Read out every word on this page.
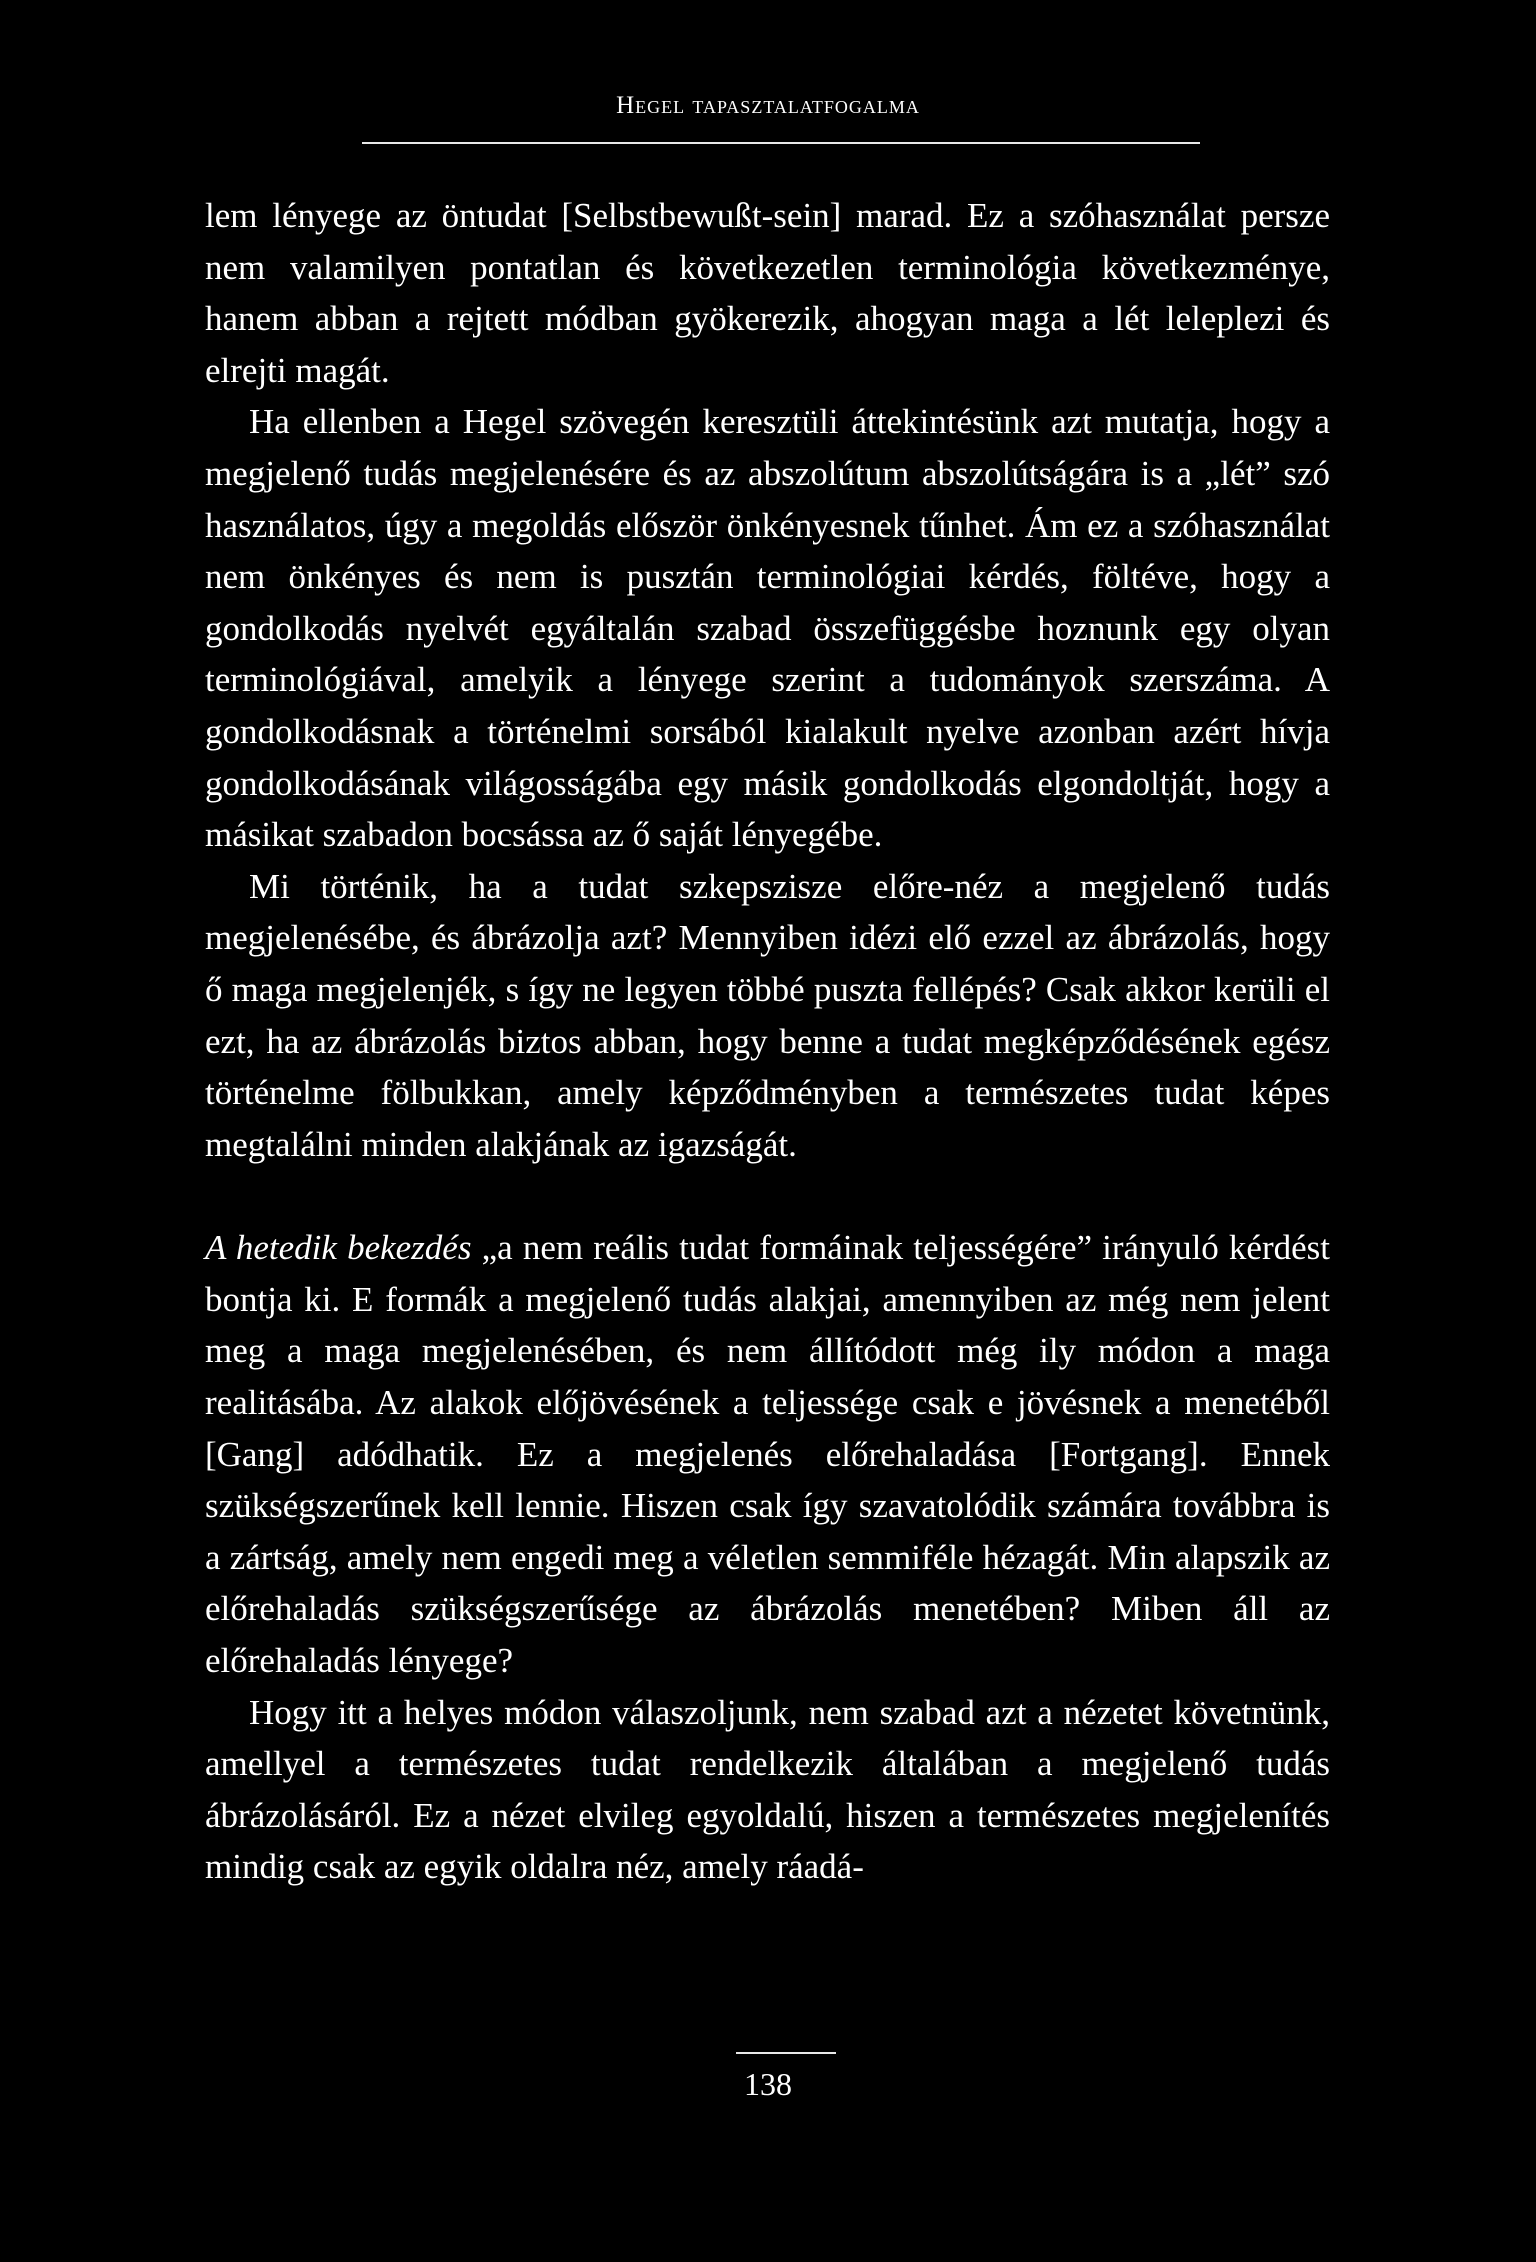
Hegel tapasztalatfogalma

lem lényege az öntudat [Selbstbewußt-sein] marad. Ez a szóhasználat persze nem valamilyen pontatlan és következetlen terminológia következménye, hanem abban a rejtett módban gyökerezik, ahogyan maga a lét leleplezi és elrejti magát.

Ha ellenben a Hegel szövegén keresztüli áttekintésünk azt mutatja, hogy a megjelenő tudás megjelenésére és az abszolútum abszolútságára is a „lét” szó használatos, úgy a megoldás először önkényesnek tűnhet. Ám ez a szóhasználat nem önkényes és nem is pusztán terminológiai kérdés, föltéve, hogy a gondolkodás nyelvét egyáltalán szabad összefüggésbe hoznunk egy olyan terminológiával, amelyik a lényege szerint a tudományok szerszáma. A gondolkodásnak a történelmi sorsából kialakult nyelve azonban azért hívja gondolkodásának világosságába egy másik gondolkodás elgondoltját, hogy a másikat szabadon bocsássa az ő saját lényegébe.

Mi történik, ha a tudat szkepszisze előre-néz a megjelenő tudás megjelenésébe, és ábrázolja azt? Mennyiben idézi elő ezzel az ábrázolás, hogy ő maga megjelenjék, s így ne legyen többé puszta fellépés? Csak akkor kerüli el ezt, ha az ábrázolás biztos abban, hogy benne a tudat megképződésének egész történelme fölbukkan, amely képződményben a természetes tudat képes megtalálni minden alakjának az igazságát.

A hetedik bekezdés „a nem reális tudat formáinak teljességére” irányuló kérdést bontja ki. E formák a megjelenő tudás alakjai, amennyiben az még nem jelent meg a maga megjelenésében, és nem állítódott még ily módon a maga realitásába. Az alakok előjövésének a teljessége csak e jövésnek a menetéből [Gang] adódhatik. Ez a megjelenés előrehaladása [Fortgang]. Ennek szükségszerűnek kell lennie. Hiszen csak így szavatolódik számára továbbra is a zártság, amely nem engedi meg a véletlen semmiféle hézagát. Min alapszik az előrehaladás szükségszerűsége az ábrázolás menetében? Miben áll az előrehaladás lényege?

Hogy itt a helyes módon válaszoljunk, nem szabad azt a nézetet követnünk, amellyel a természetes tudat rendelkezik általában a megjelenő tudás ábrázolásáról. Ez a nézet elvileg egyoldalú, hiszen a természetes megjelenítés mindig csak az egyik oldalra néz, amely ráadá-

138
